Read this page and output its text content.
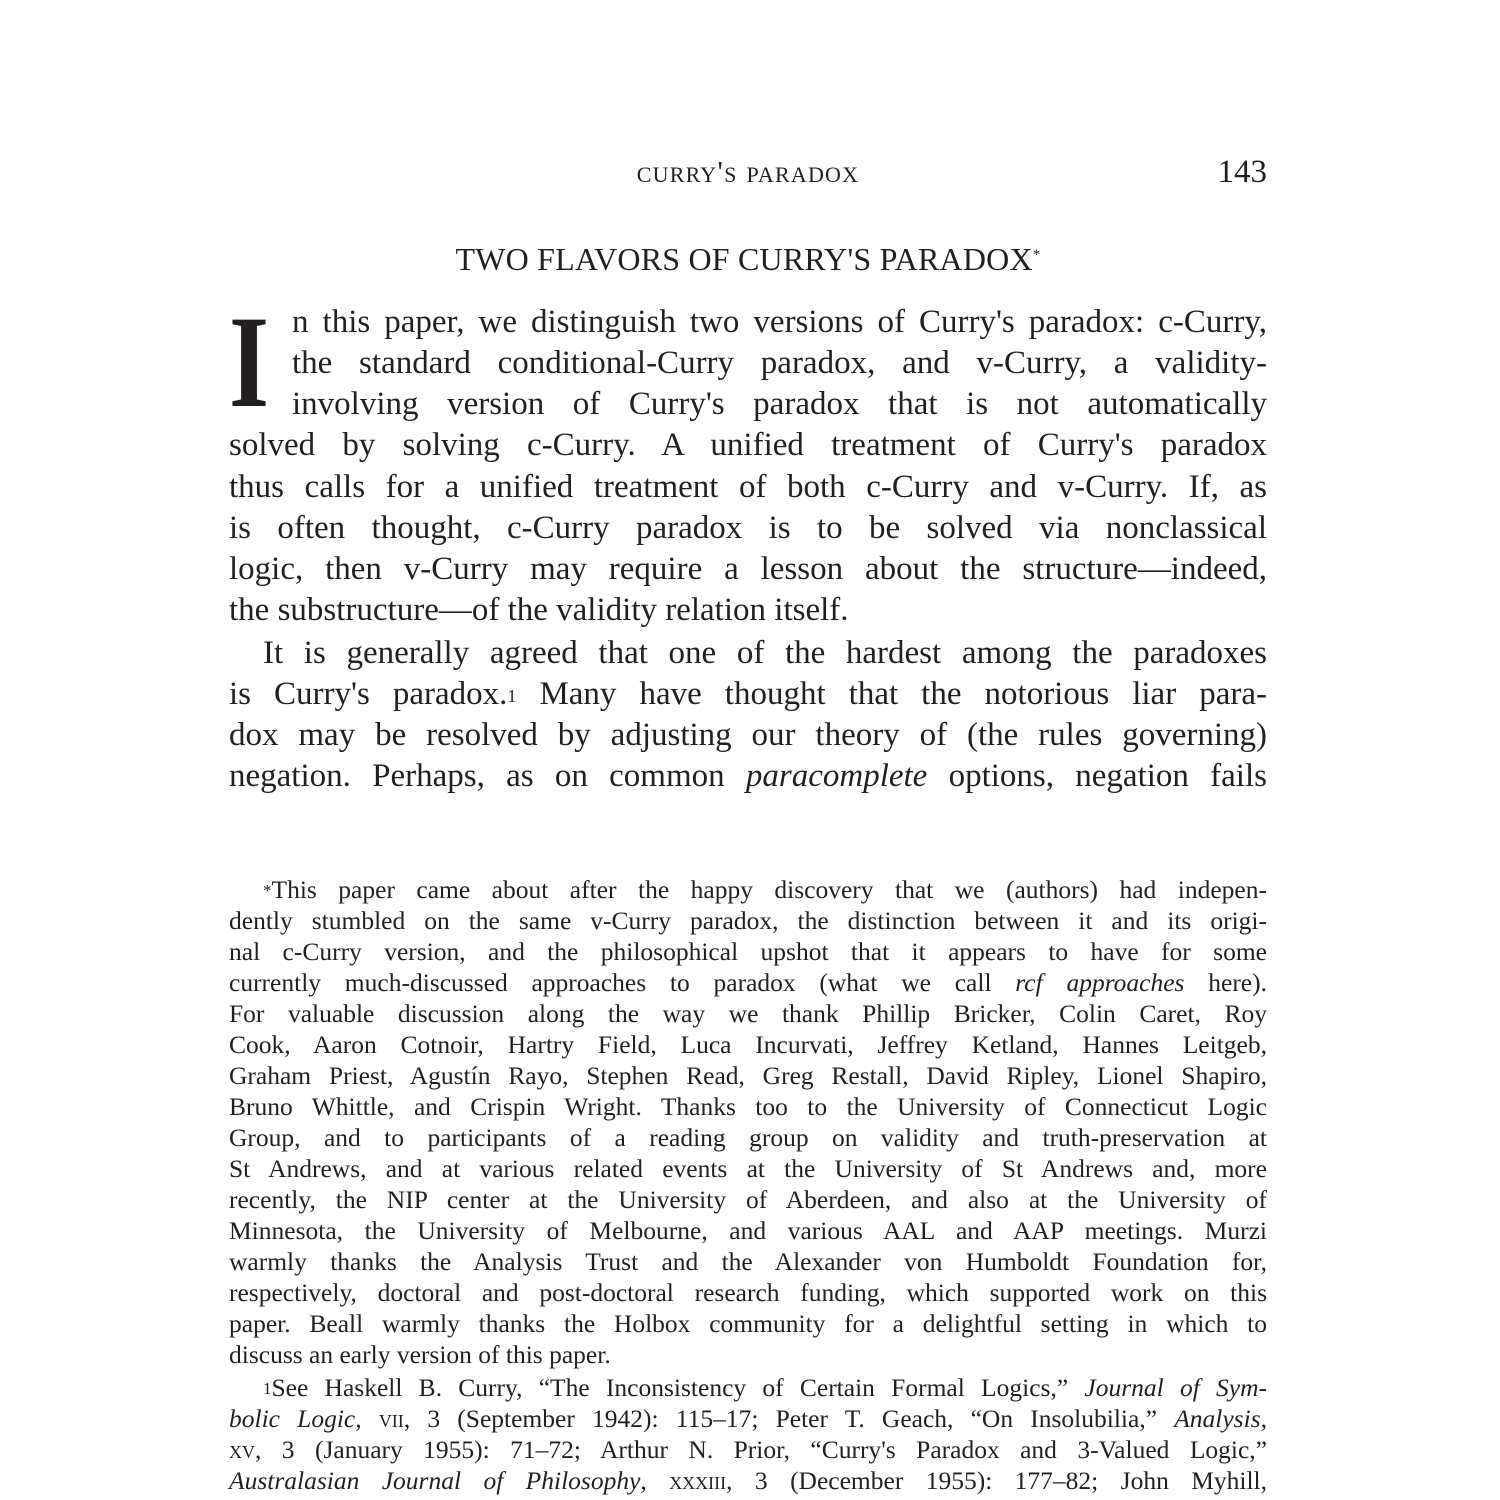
curry's paradox	143
TWO FLAVORS OF CURRY'S PARADOX*
I n this paper, we distinguish two versions of Curry's paradox: c-Curry,
the standard conditional-Curry paradox, and v-Curry, a validity-
involving version of Curry's paradox that is not automatically
solved by solving c-Curry. A unified treatment of Curry's paradox
thus calls for a unified treatment of both c-Curry and v-Curry. If, as
is often thought, c-Curry paradox is to be solved via nonclassical
logic, then v-Curry may require a lesson about the structure—indeed,
the substructure—of the validity relation itself.
It is generally agreed that one of the hardest among the paradoxes
is Curry's paradox.$^1$ Many have thought that the notorious liar para-
dox may be resolved by adjusting our theory of (the rules governing)
negation. Perhaps, as on common paracomplete options, negation fails
*This paper came about after the happy discovery that we (authors) had indepen-
dently stumbled on the same v-Curry paradox, the distinction between it and its origi-
nal c-Curry version, and the philosophical upshot that it appears to have for some
currently much-discussed approaches to paradox (what we call rcf approaches here).
For valuable discussion along the way we thank Phillip Bricker, Colin Caret, Roy
Cook, Aaron Cotnoir, Hartry Field, Luca Incurvati, Jeffrey Ketland, Hannes Leitgeb,
Graham Priest, Agustín Rayo, Stephen Read, Greg Restall, David Ripley, Lionel Shapiro,
Bruno Whittle, and Crispin Wright. Thanks too to the University of Connecticut Logic
Group, and to participants of a reading group on validity and truth-preservation at
St Andrews, and at various related events at the University of St Andrews and, more
recently, the NIP center at the University of Aberdeen, and also at the University of
Minnesota, the University of Melbourne, and various AAL and AAP meetings. Murzi
warmly thanks the Analysis Trust and the Alexander von Humboldt Foundation for,
respectively, doctoral and post-doctoral research funding, which supported work on this
paper. Beall warmly thanks the Holbox community for a delightful setting in which to
discuss an early version of this paper.
$^1$See Haskell B. Curry, “The Inconsistency of Certain Formal Logics,” Journal of Sym-
bolic Logic, vii, 3 (September 1942): 115–17; Peter T. Geach, “On Insolubilia,” Analysis,
xv, 3 (January 1955): 71–72; Arthur N. Prior, “Curry's Paradox and 3-Valued Logic,”
Australasian Journal of Philosophy, xxxiii, 3 (December 1955): 177–82; John Myhill,
